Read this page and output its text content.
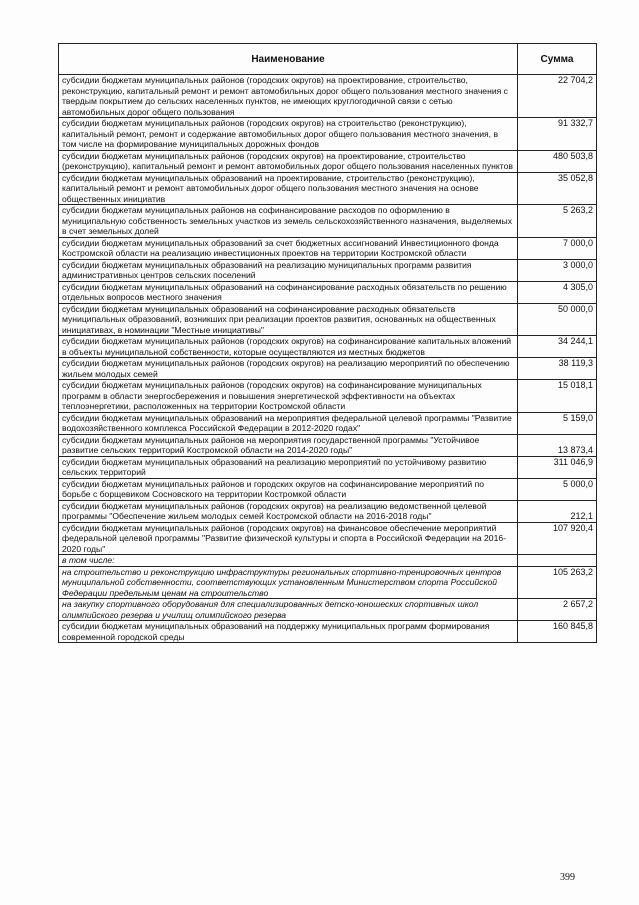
Наименование	Сумма
субсидии бюджетам муниципальных районов (городских округов) на проектирование, строительство, реконструкцию, капитальный ремонт и ремонт автомобильных дорог общего пользования местного значения с твердым покрытием до сельских населенных пунктов, не имеющих круглогодичной связи с сетью автомобильных дорог общего пользования	22 704,2
субсидии бюджетам муниципальных районов (городских округов) на строительство (реконструкцию), капитальный ремонт, ремонт и содержание автомобильных дорог общего пользования местного значения, в том числе на формирование муниципальных дорожных фондов	91 332,7
субсидии бюджетам муниципальных районов (городских округов) на проектирование, строительство (реконструкцию), капитальный ремонт и ремонт автомобильных дорог общего пользования населенных пунктов	480 503,8
субсидии бюджетам муниципальных образований на проектирование, строительство (реконструкцию), капитальный ремонт и ремонт автомобильных дорог общего пользования местного значения на основе общественных инициатив	35 052,8
субсидии бюджетам муниципальных районов на софинансирование расходов по оформлению в муниципальную собственность земельных участков из земель сельскохозяйственного назначения, выделяемых в счет земельных долей	5 263,2
субсидии бюджетам муниципальных образований за счет бюджетных ассигнований Инвестиционного фонда Костромской области на реализацию инвестиционных проектов на территории Костромской области	7 000,0
субсидии бюджетам муниципальных образований на реализацию муниципальных программ развития административных центров сельских поселений	3 000,0
субсидии бюджетам муниципальных образований на софинансирование расходных обязательств по решению отдельных вопросов местного значения	4 305,0
субсидии бюджетам муниципальных образований на софинансирование расходных обязательств муниципальных образований, возникших при реализации проектов развития, основанных на общественных инициативах, в номинации "Местные инициативы"	50 000,0
субсидии бюджетам муниципальных районов (городских округов) на софинансирование капитальных вложений в объекты муниципальной собственности, которые осуществляются из местных бюджетов	34 244,1
субсидии бюджетам муниципальных районов (городских округов) на реализацию мероприятий по обеспечению жильем молодых семей	38 119,3
субсидии бюджетам муниципальных районов (городских округов) на софинансирование муниципальных программ в области энергосбережения и повышения энергетической эффективности на объектах теплоэнергетики, расположенных на территории Костромской области	15 018,1
субсидии бюджетам муниципальных образований на мероприятия федеральной целевой программы "Развитие водохозяйственного комплекса Российской Федерации в 2012-2020 годах"	5 159,0
субсидии бюджетам муниципальных районов на мероприятия государственной программы "Устойчивое развитие сельских территорий Костромской области на 2014-2020 годы"	13 873,4
субсидии бюджетам муниципальных образований на реализацию мероприятий по устойчивому развитию сельских территорий	311 046,9
субсидии бюджетам муниципальных районов и городских округов на софинансирование мероприятий по борьбе с борщевиком Сосновского на территории Костромкой области	5 000,0
субсидии бюджетам муниципальных районов (городских округов) на реализацию ведомственной целевой программы "Обеспечение жильем молодых семей Костромской области на 2016-2018 годы"	212,1
субсидии бюджетам муниципальных районов (городских округов) на финансовое обеспечение мероприятий федеральной целевой программы "Развитие физической культуры и спорта в Российской Федерации на 2016-2020 годы"	107 920,4
в том числе:	
на строительство и реконструкцию инфраструктуры региональных спортивно-тренировочных центров муниципальной собственности, соответствующих установленным Министерством спорта Российской Федерации предельным ценам на строительство	105 263,2
на закупку спортивного оборудования для специализированных детско-юношеских спортивных школ олимпийского резерва и училищ олимпийского резерва	2 657,2
субсидии бюджетам муниципальных образований на поддержку муниципальных программ формирования современной городской среды	160 845,8
399
